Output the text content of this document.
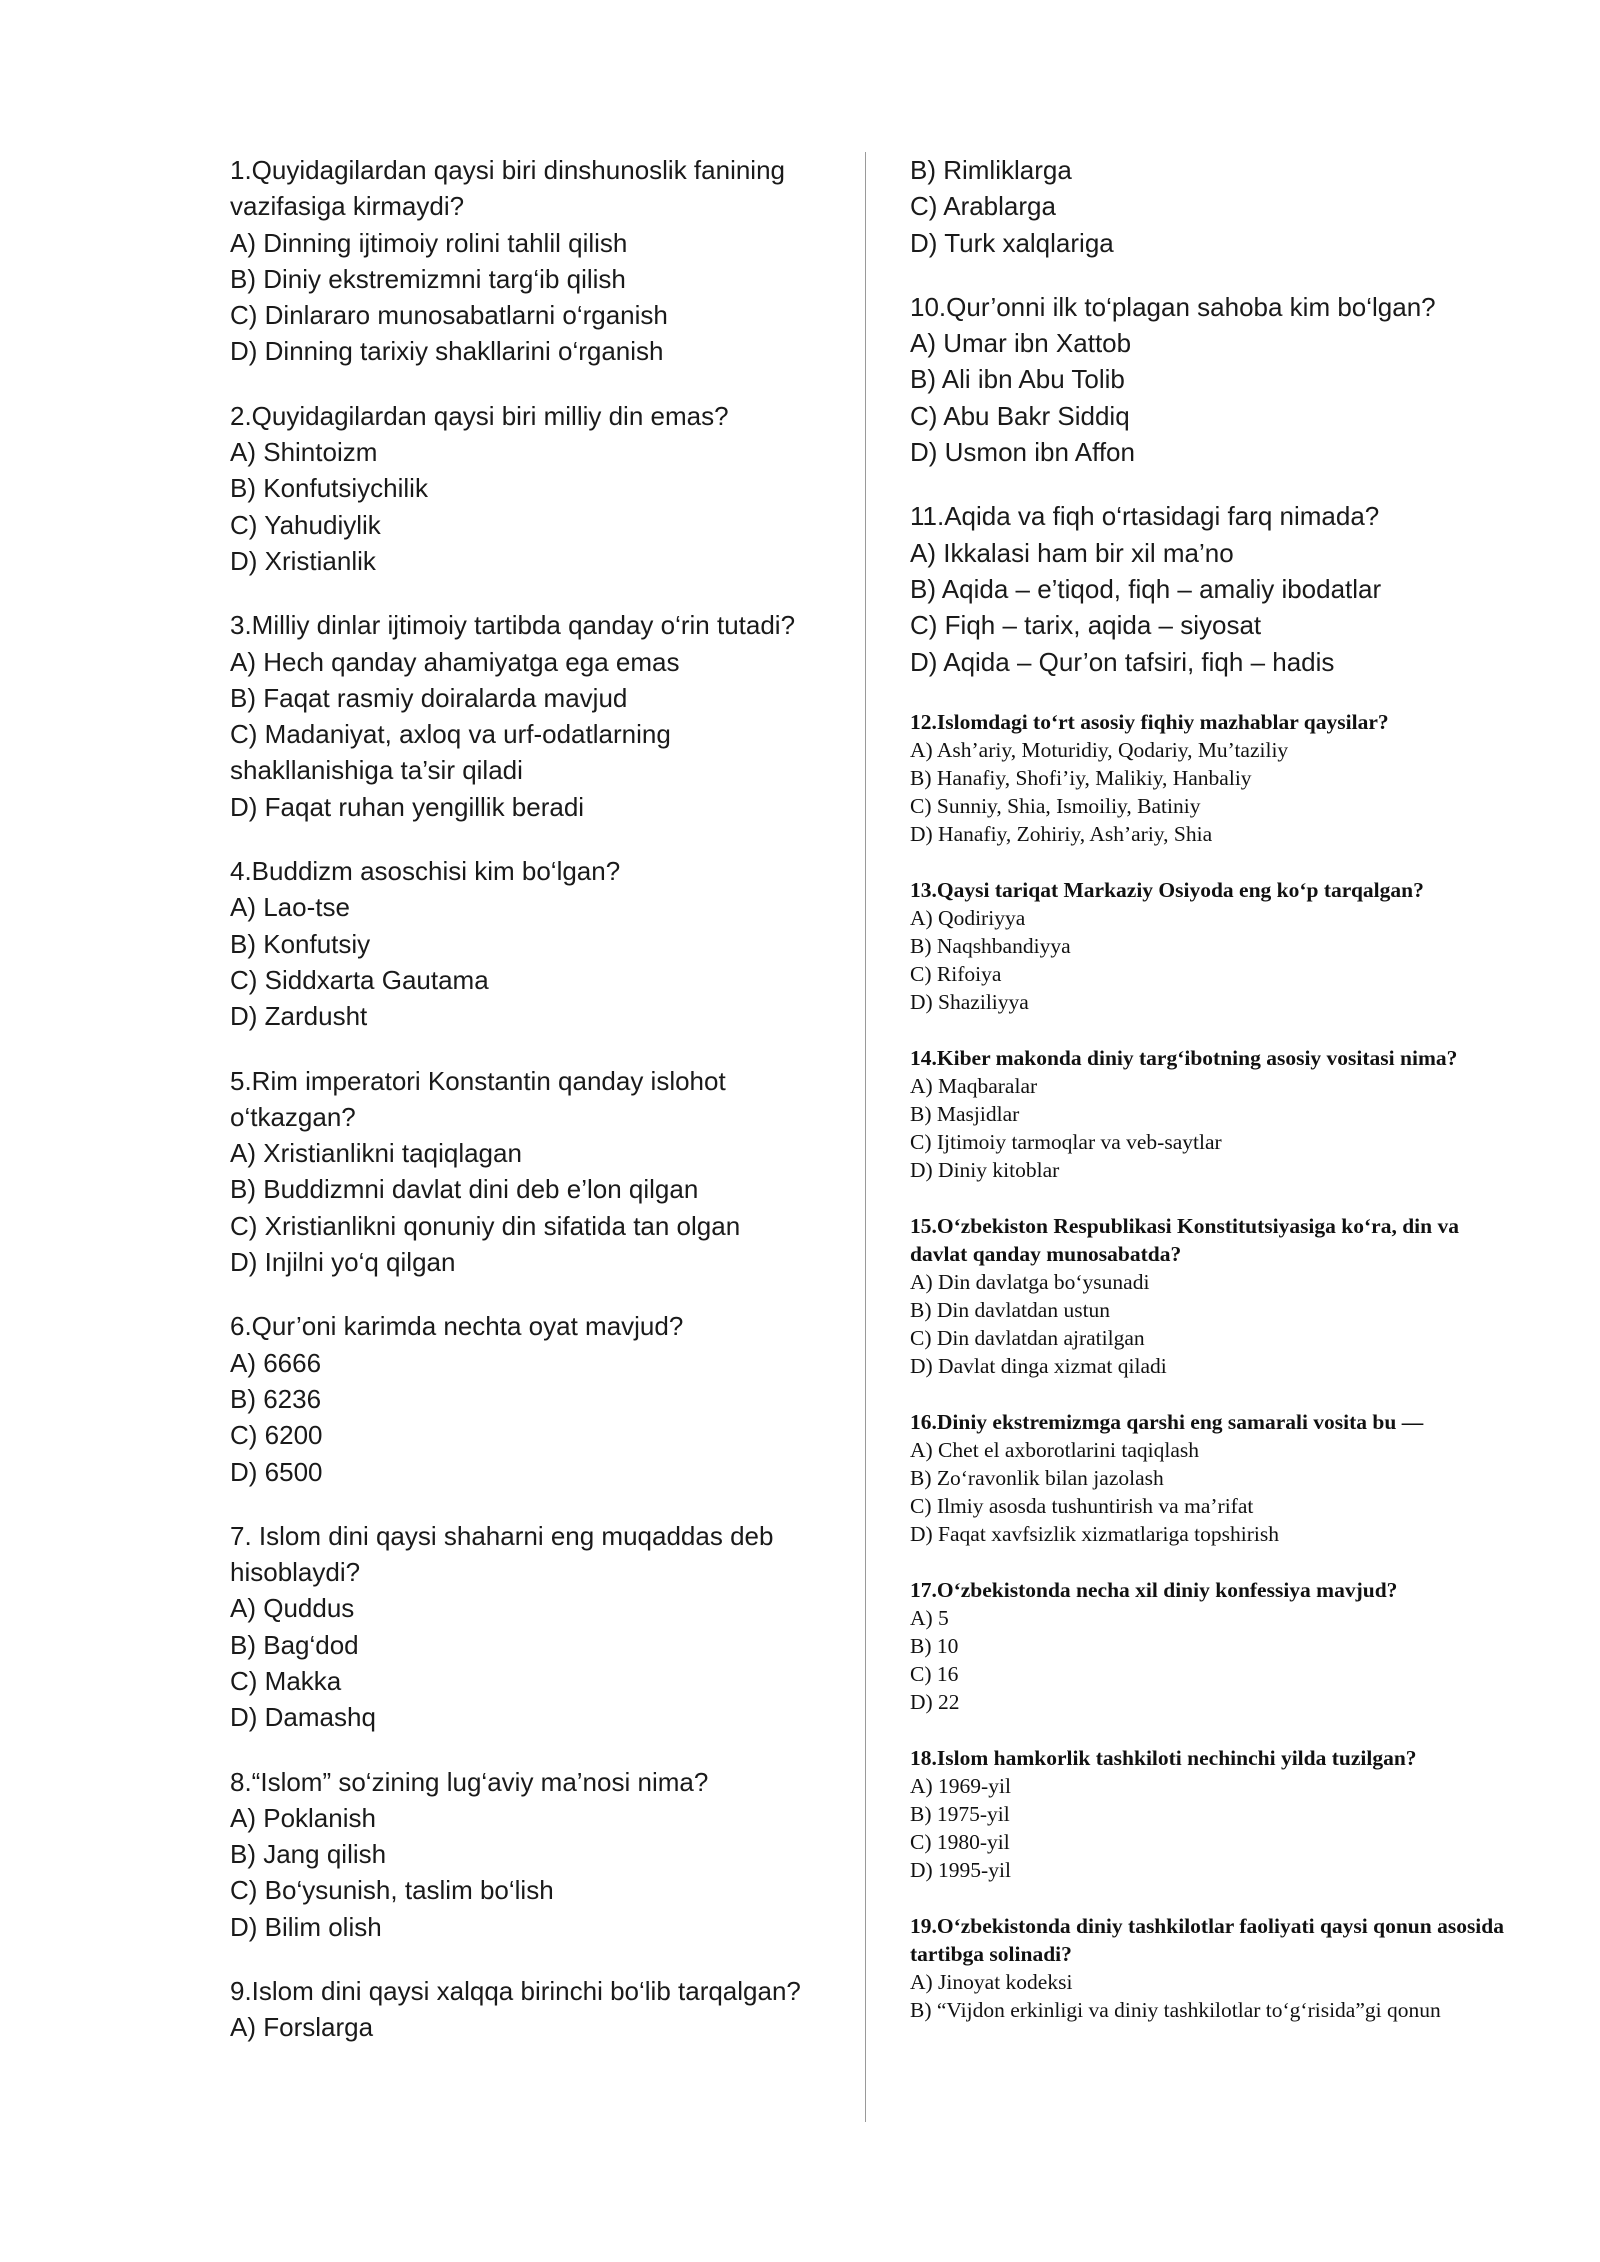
1.Quyidagilardan qaysi biri dinshunoslik fanining vazifasiga kirmaydi?
A) Dinning ijtimoiy rolini tahlil qilish
B) Diniy ekstremizmni targ‘ib qilish
C) Dinlararo munosabatlarni o‘rganish
D) Dinning tarixiy shakllarini o‘rganish
2.Quyidagilardan qaysi biri milliy din emas?
A) Shintoizm
B) Konfutsiychilik
C) Yahudiylik
D) Xristianlik
3.Milliy dinlar ijtimoiy tartibda qanday o‘rin tutadi?
A) Hech qanday ahamiyatga ega emas
B) Faqat rasmiy doiralarda mavjud
C) Madaniyat, axloq va urf-odatlarning shakllanishiga ta’sir qiladi
D) Faqat ruhan yengillik beradi
4.Buddizm asoschisi kim bo‘lgan?
A) Lao-tse
B) Konfutsiy
C) Siddxarta Gautama
D) Zardusht
5.Rim imperatori Konstantin qanday islohot o‘tkazgan?
A) Xristianlikni taqiqlagan
B) Buddizmni davlat dini deb e’lon qilgan
C) Xristianlikni qonuniy din sifatida tan olgan
D) Injilni yo‘q qilgan
6.Qur’oni karimda nechta oyat mavjud?
A) 6666
B) 6236
C) 6200
D) 6500
7. Islom dini qaysi shaharni eng muqaddas deb hisoblaydi?
A) Quddus
B) Bag‘dod
C) Makka
D) Damashq
8.“Islom” so‘zining lug‘aviy ma’nosi nima?
A) Poklanish
B) Jang qilish
C) Bo‘ysunish, taslim bo‘lish
D) Bilim olish
9.Islom dini qaysi xalqqa birinchi bo‘lib tarqalgan?
A) Forslarga
B) Rimliklarga
C) Arablarga
D) Turk xalqlariga
10.Qur’onni ilk to‘plagan sahoba kim bo‘lgan?
A) Umar ibn Xattob
B) Ali ibn Abu Tolib
C) Abu Bakr Siddiq
D) Usmon ibn Affon
11.Aqida va fiqh o‘rtasidagi farq nimada?
A) Ikkalasi ham bir xil ma’no
B) Aqida – e’tiqod, fiqh – amaliy ibodatlar
C) Fiqh – tarix, aqida – siyosat
D) Aqida – Qur’on tafsiri, fiqh – hadis
12.Islomdagi to‘rt asosiy fiqhiy mazhablar qaysilar?
A) Ash’ariy, Moturidiy, Qodariy, Mu’taziliy
B) Hanafiy, Shofi’iy, Malikiy, Hanbaliy
C) Sunniy, Shia, Ismoiliy, Batiniy
D) Hanafiy, Zohiriy, Ash’ariy, Shia
13.Qaysi tariqat Markaziy Osiyoda eng ko‘p tarqalgan?
A) Qodiriyya
B) Naqshbandiyya
C) Rifoiya
D) Shaziliyya
14.Kiber makonda diniy targ‘ibotning asosiy vositasi nima?
A) Maqbaralar
B) Masjidlar
C) Ijtimoiy tarmoqlar va veb-saytlar
D) Diniy kitoblar
15.O‘zbekiston Respublikasi Konstitutsiyasiga ko‘ra, din va davlat qanday munosabatda?
A) Din davlatga bo‘ysunadi
B) Din davlatdan ustun
C) Din davlatdan ajratilgan
D) Davlat dinga xizmat qiladi
16.Diniy ekstremizmga qarshi eng samarali vosita bu —
A) Chet el axborotlarini taqiqlash
B) Zo‘ravonlik bilan jazolash
C) Ilmiy asosda tushuntirish va ma’rifat
D) Faqat xavfsizlik xizmatlariga topshirish
17.O‘zbekistonda necha xil diniy konfessiya mavjud?
A) 5
B) 10
C) 16
D) 22
18.Islom hamkorlik tashkiloti nechinchi yilda tuzilgan?
A) 1969-yil
B) 1975-yil
C) 1980-yil
D) 1995-yil
19.O‘zbekistonda diniy tashkilotlar faoliyati qaysi qonun asosida tartibga solinadi?
A) Jinoyat kodeksi
B) “Vijdon erkinligi va diniy tashkilotlar to‘g‘risida”gi qonun
